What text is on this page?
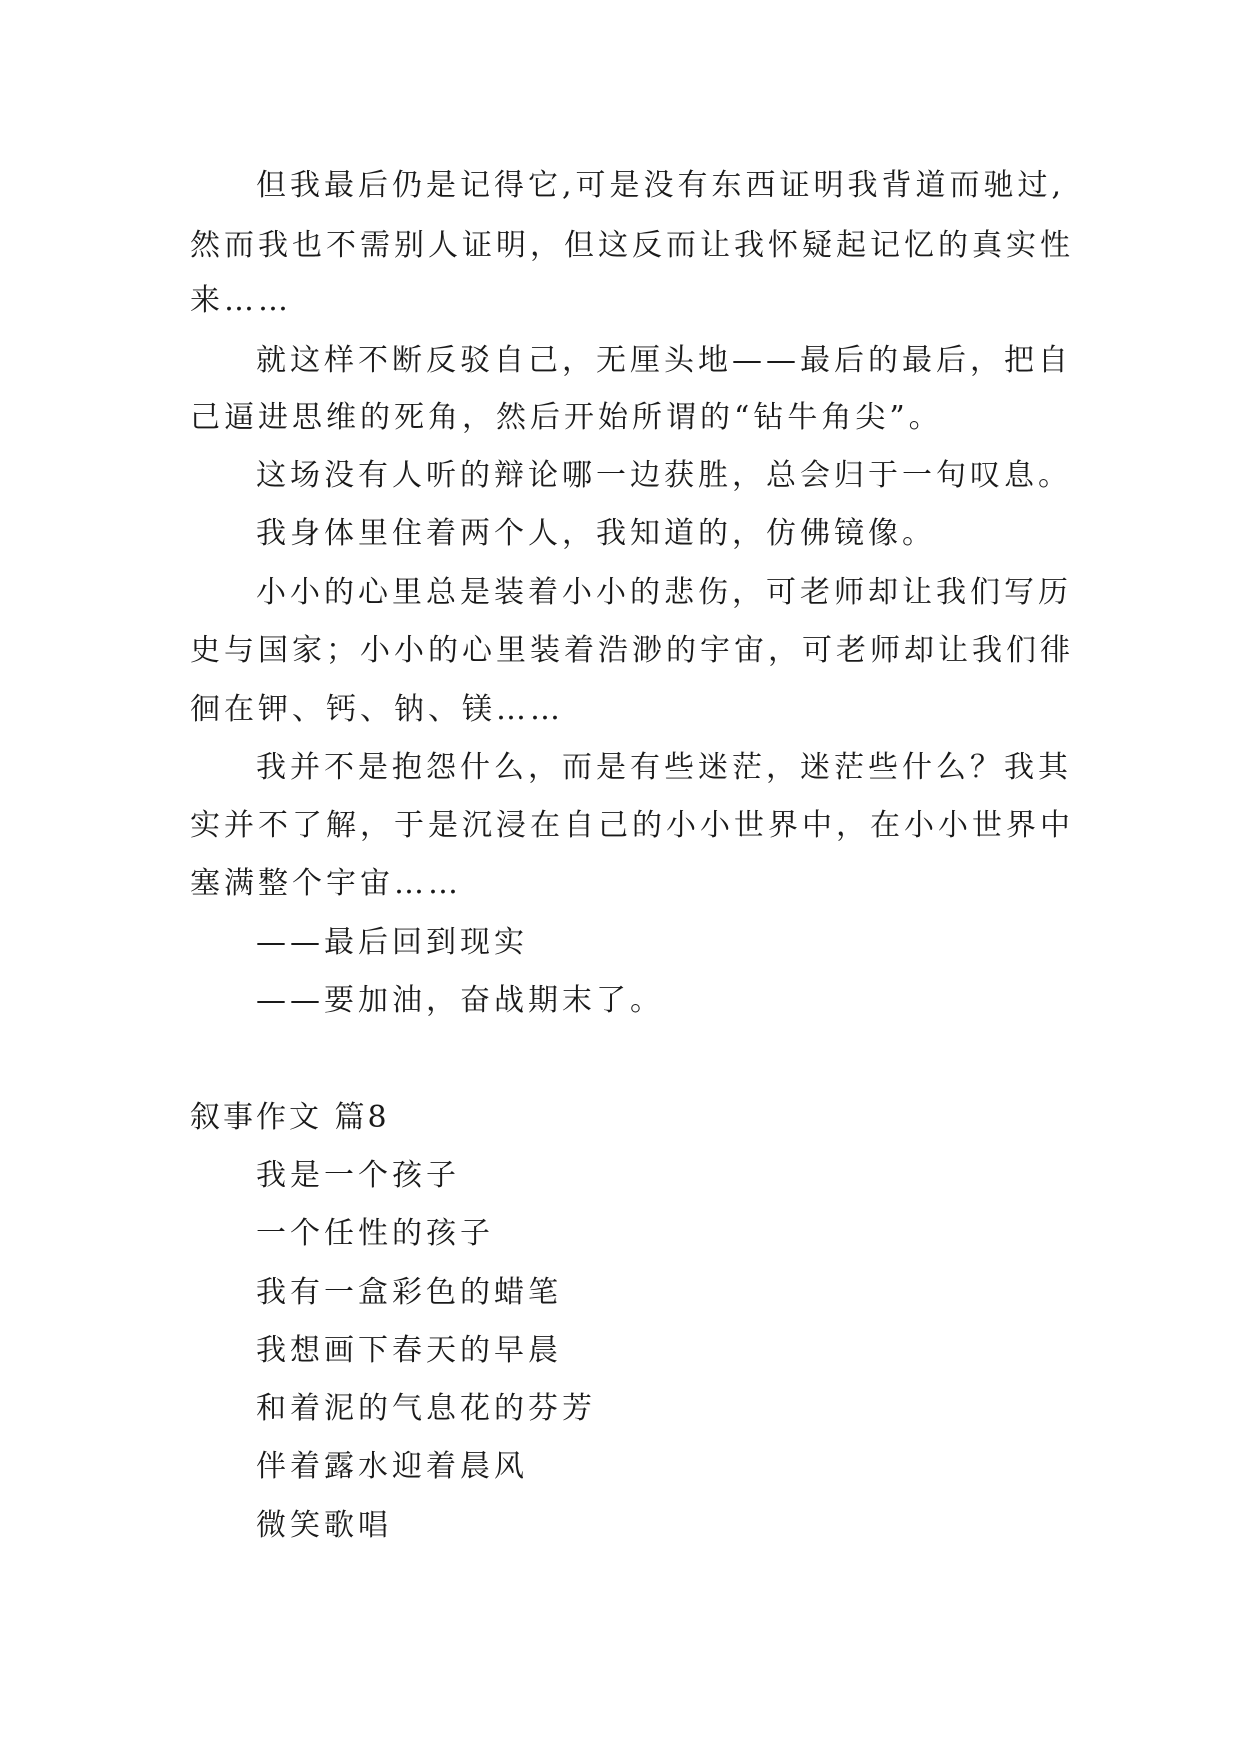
但我最后仍是记得它,可是没有东西证明我背道而驰过,
然而我也不需别人证明，但这反而让我怀疑起记忆的真实性
来……
就这样不断反驳自己，无厘头地——最后的最后，把自
己逼进思维的死角，然后开始所谓的“钻牛角尖”。
这场没有人听的辩论哪一边获胜，总会归于一句叹息。
我身体里住着两个人，我知道的，仿佛镜像。
小小的心里总是装着小小的悲伤，可老师却让我们写历
史与国家；小小的心里装着浩渺的宇宙，可老师却让我们徘
徊在钾、钙、钠、镁……
我并不是抱怨什么，而是有些迷茫，迷茫些什么？我其
实并不了解，于是沉浸在自己的小小世界中，在小小世界中
塞满整个宇宙……
——最后回到现实
——要加油，奋战期末了。
叙事作文 篇8
我是一个孩子
一个任性的孩子
我有一盒彩色的蜡笔
我想画下春天的早晨
和着泥的气息花的芬芳
伴着露水迎着晨风
微笑歌唱
